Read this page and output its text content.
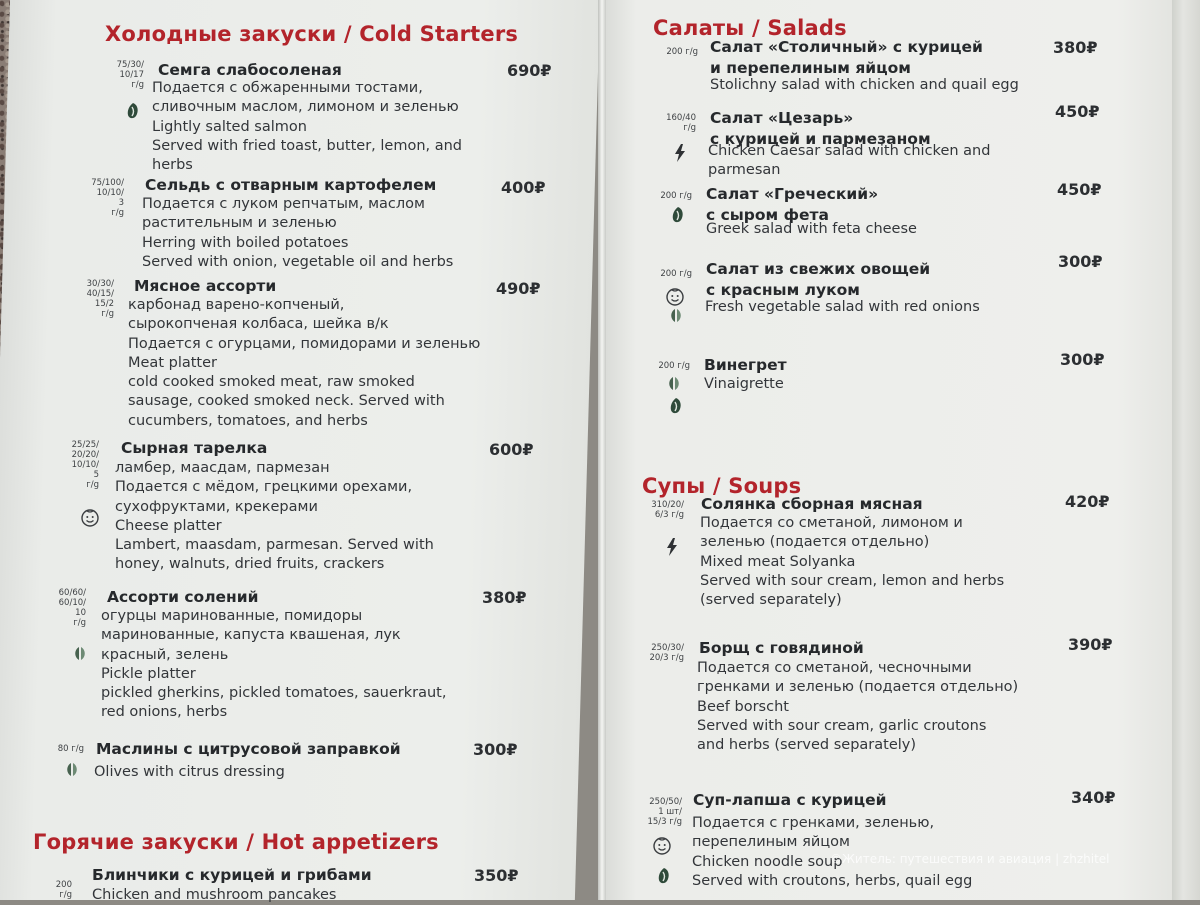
Холодные закуски / Cold Starters
75/30/
10/17
г/g
Семга слабосоленая	690₽
Подается с обжаренными тостами,
сливочным маслом, лимоном и зеленью
Lightly salted salmon
Served with fried toast, butter, lemon, and
herbs
75/100/
10/10/
3
г/g
Сельдь с отварным картофелем	400₽
Подается с луком репчатым, маслом
растительным и зеленью
Herring with boiled potatoes
Served with onion, vegetable oil and herbs
30/30/
40/15/
15/2
г/g
Мясное ассорти	490₽
карбонад варено-копченый,
сырокопченая колбаса, шейка в/к
Подается с огурцами, помидорами и зеленью
Meat platter
cold cooked smoked meat, raw smoked
sausage, cooked smoked neck. Served with
cucumbers, tomatoes, and herbs
25/25/
20/20/
10/10/
5
г/g
Сырная тарелка	600₽
ламбер, маасдам, пармезан
Подается с мёдом, грецкими орехами,
сухофруктами, крекерами
Cheese platter
Lambert, maasdam, parmesan. Served with
honey, walnuts, dried fruits, crackers
60/60/
60/10/
10
г/g
Ассорти солений	380₽
огурцы маринованные, помидоры
маринованные, капуста квашеная, лук
красный, зелень
Pickle platter
pickled gherkins, pickled tomatoes, sauerkraut,
red onions, herbs
80 г/g Маслины с цитрусовой заправкой	300₽
Olives with citrus dressing
Горячие закуски / Hot appetizers
200
г/g
Блинчики с курицей и грибами	350₽
Chicken and mushroom pancakes
Салаты / Salads
200 г/g Салат «Столичный» с курицей
и перепелиным яйцом
380₽
Stolichny salad with chicken and quail egg
160/40
г/g
Салат «Цезарь»
с курицей и пармезаном
450₽
Chicken Caesar salad with chicken and
parmesan
200 г/g Салат «Греческий»
с сыром фета
450₽
Greek salad with feta cheese
200 г/g Салат из свежих овощей
с красным луком
300₽
Fresh vegetable salad with red onions
200 г/g Винегрет	300₽
Vinaigrette
Супы / Soups
310/20/
6/3 г/g
Солянка сборная мясная	420₽
Подается со сметаной, лимоном и
зеленью (подается отдельно)
Mixed meat Solyanka
Served with sour cream, lemon and herbs
(served separately)
250/30/
20/3 г/g
Борщ с говядиной	390₽
Подается со сметаной, чесночными
гренками и зеленью (подается отдельно)
Beef borscht
Served with sour cream, garlic croutons
and herbs (served separately)
250/50/
1 шт/
15/3 г/g
Суп-лапша с курицей	340₽
Подается с гренками, зеленью,
перепелиным яйцом
Chicken noodle soup
Served with croutons, herbs, quail egg
©Житель: путешествия и авиация | zhzhitel
